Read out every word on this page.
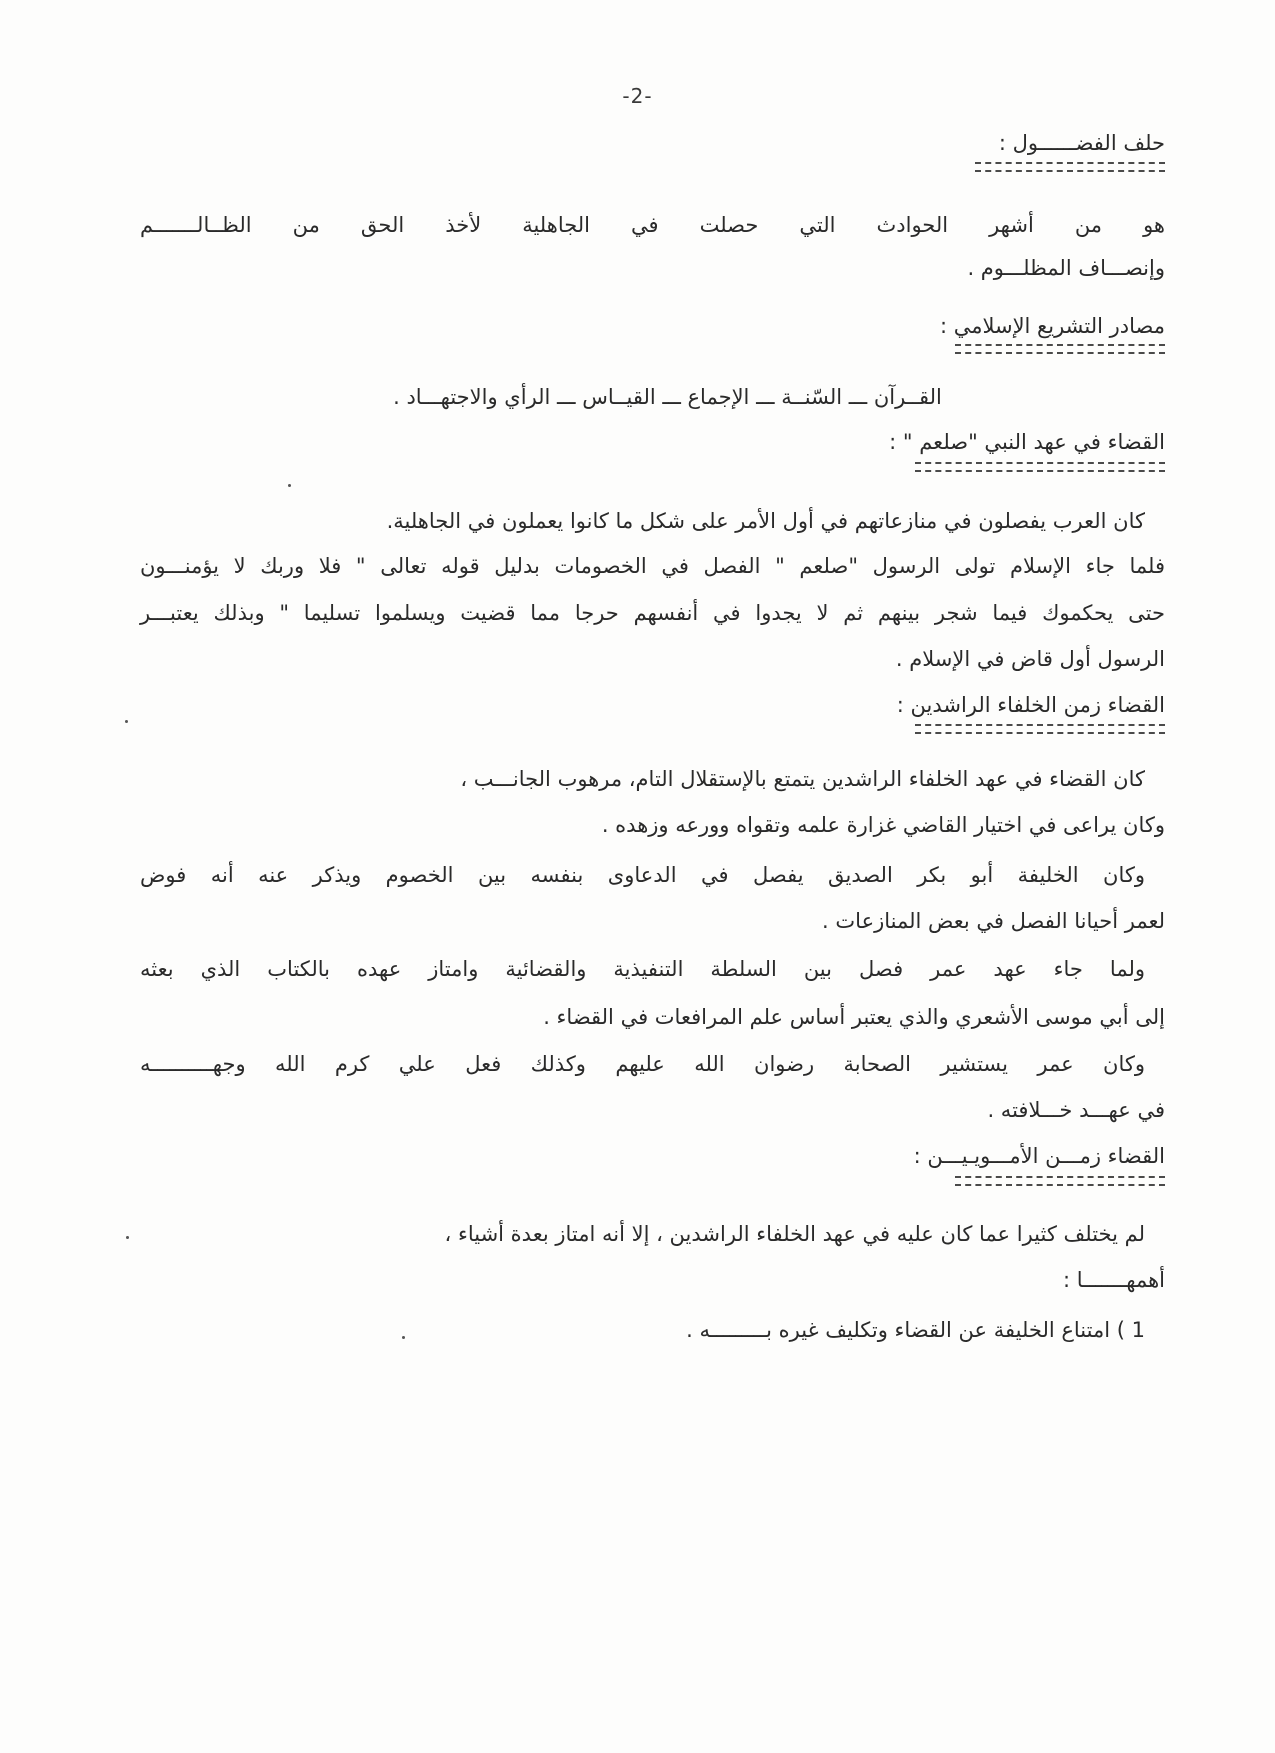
-2-
حلف الفضــــــول :
هو من أشهر الحوادث التي حصلت في الجاهلية لأخذ الحق من الظــالـــــــم
وإنصـــاف المظلـــوم .
مصادر التشريع الإسلامي :
القــرآن ـــ السّنــة ـــ الإجماع ـــ القيــاس ـــ الرأي والاجتهـــاد .
القضاء في عهد النبي "صلعم " :
كان العرب يفصلون في منازعاتهم في أول الأمر على شكل ما كانوا يعملون في الجاهلية.
فلما جاء الإسلام تولى الرسول "صلعم " الفصل في الخصومات بدليل قوله تعالى " فلا وربك لا يؤمنـــون
حتى يحكموك فيما شجر بينهم ثم لا يجدوا في أنفسهم حرجا مما قضيت ويسلموا تسليما " وبذلك يعتبـــر
الرسول أول قاض في الإسلام .
القضاء زمن الخلفاء الراشدين :
كان القضاء في عهد الخلفاء الراشدين يتمتع بالإستقلال التام، مرهوب الجانـــب ،
وكان يراعى في اختيار القاضي غزارة علمه وتقواه وورعه وزهده .
وكان الخليفة أبو بكر الصديق يفصل في الدعاوى بنفسه بين الخصوم ويذكر عنه أنه فوض
لعمر أحيانا الفصل في بعض المنازعات .
ولما جاء عهد عمر فصل بين السلطة التنفيذية والقضائية وامتاز عهده بالكتاب الذي بعثه
إلى أبي موسى الأشعري والذي يعتبر أساس علم المرافعات في القضاء .
وكان عمر يستشير الصحابة رضوان الله عليهم وكذلك فعل علي كرم الله وجهــــــــــه
في عهـــد خـــلافته .
القضاء زمـــن الأمـــويـيـــن :
لم يختلف كثيرا عما كان عليه في عهد الخلفاء الراشدين ، إلا أنه امتاز بعدة أشياء ،
أهمهـــــــا :
1 ) امتناع الخليفة عن القضاء وتكليف غيره بـــــــــه .
